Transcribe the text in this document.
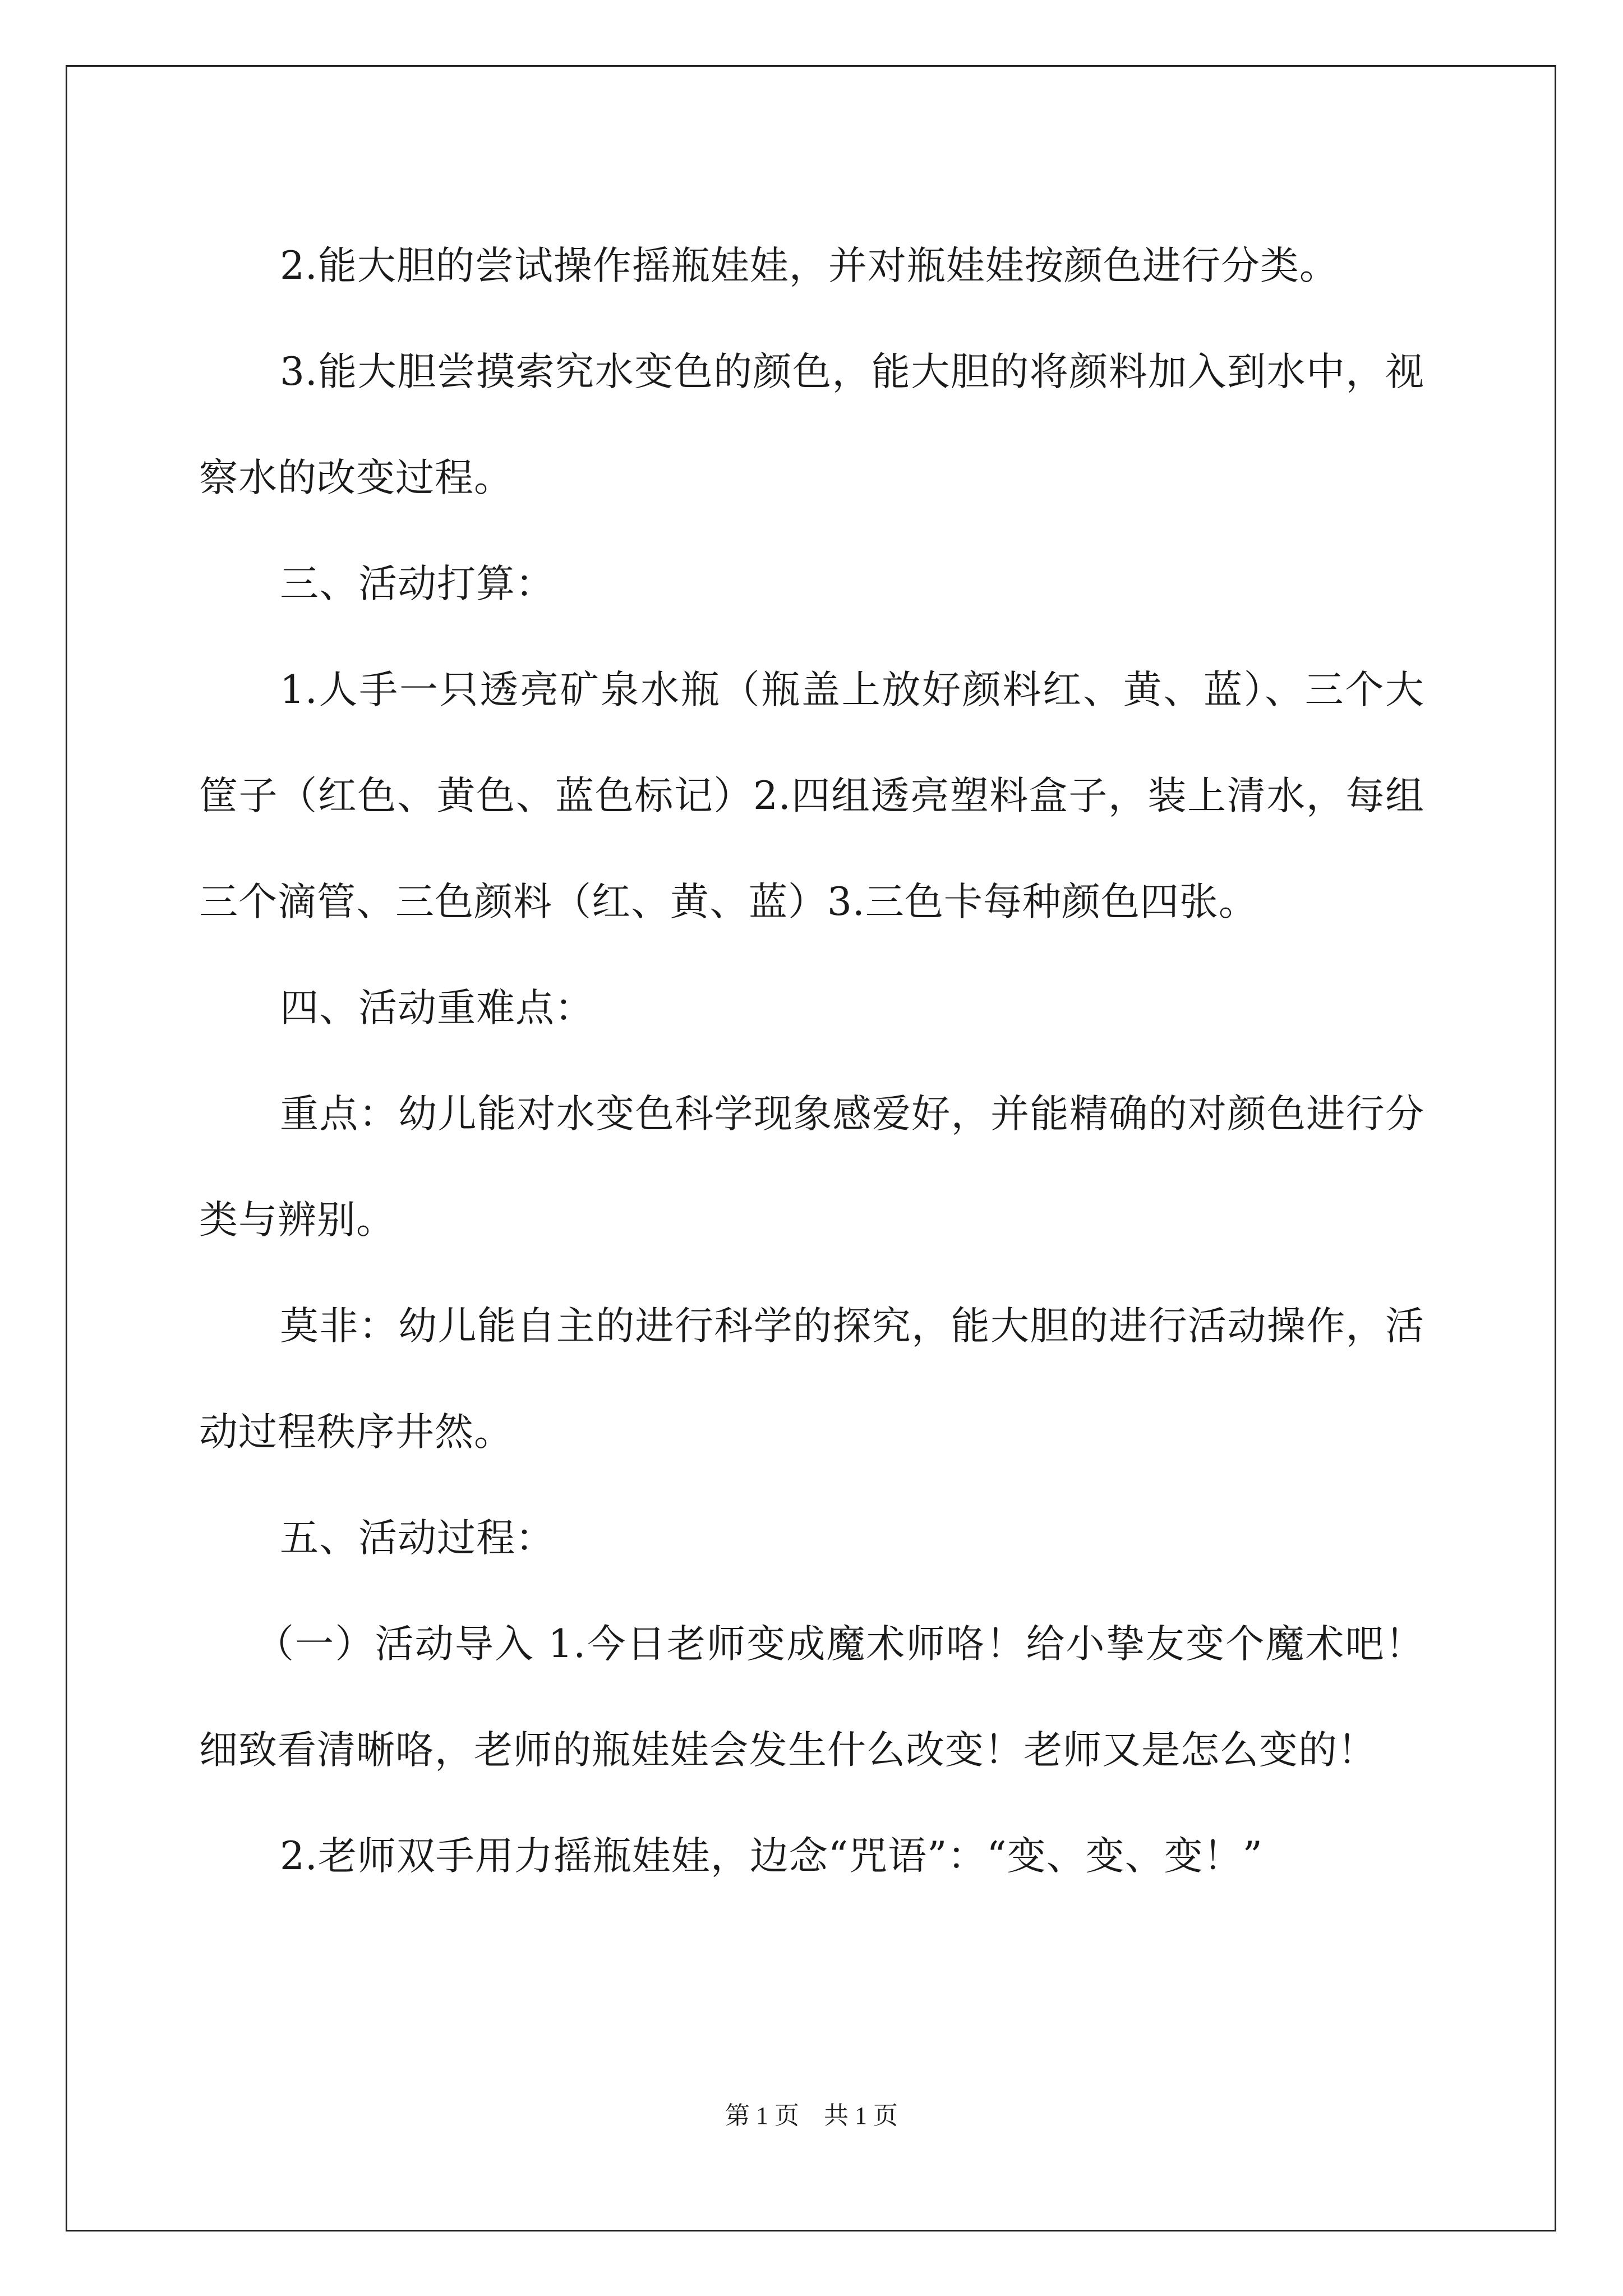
2.能大胆的尝试操作摇瓶娃娃，并对瓶娃娃按颜色进行分类。

3.能大胆尝摸索究水变色的颜色，能大胆的将颜料加入到水中，视察水的改变过程。

三、活动打算：

1.人手一只透亮矿泉水瓶（瓶盖上放好颜料红、黄、蓝）、三个大筐子（红色、黄色、蓝色标记）2.四组透亮塑料盒子，装上清水，每组三个滴管、三色颜料（红、黄、蓝）3.三色卡每种颜色四张。

四、活动重难点：

重点：幼儿能对水变色科学现象感爱好，并能精确的对颜色进行分类与辨别。

莫非：幼儿能自主的进行科学的探究，能大胆的进行活动操作，活动过程秩序井然。

五、活动过程：

（一）活动导入 1.今日老师变成魔术师咯！给小挚友变个魔术吧！细致看清晰咯，老师的瓶娃娃会发生什么改变！老师又是怎么变的！

2.老师双手用力摇瓶娃娃，边念“咒语”：“变、变、变！”

第 1 页　共 1 页
